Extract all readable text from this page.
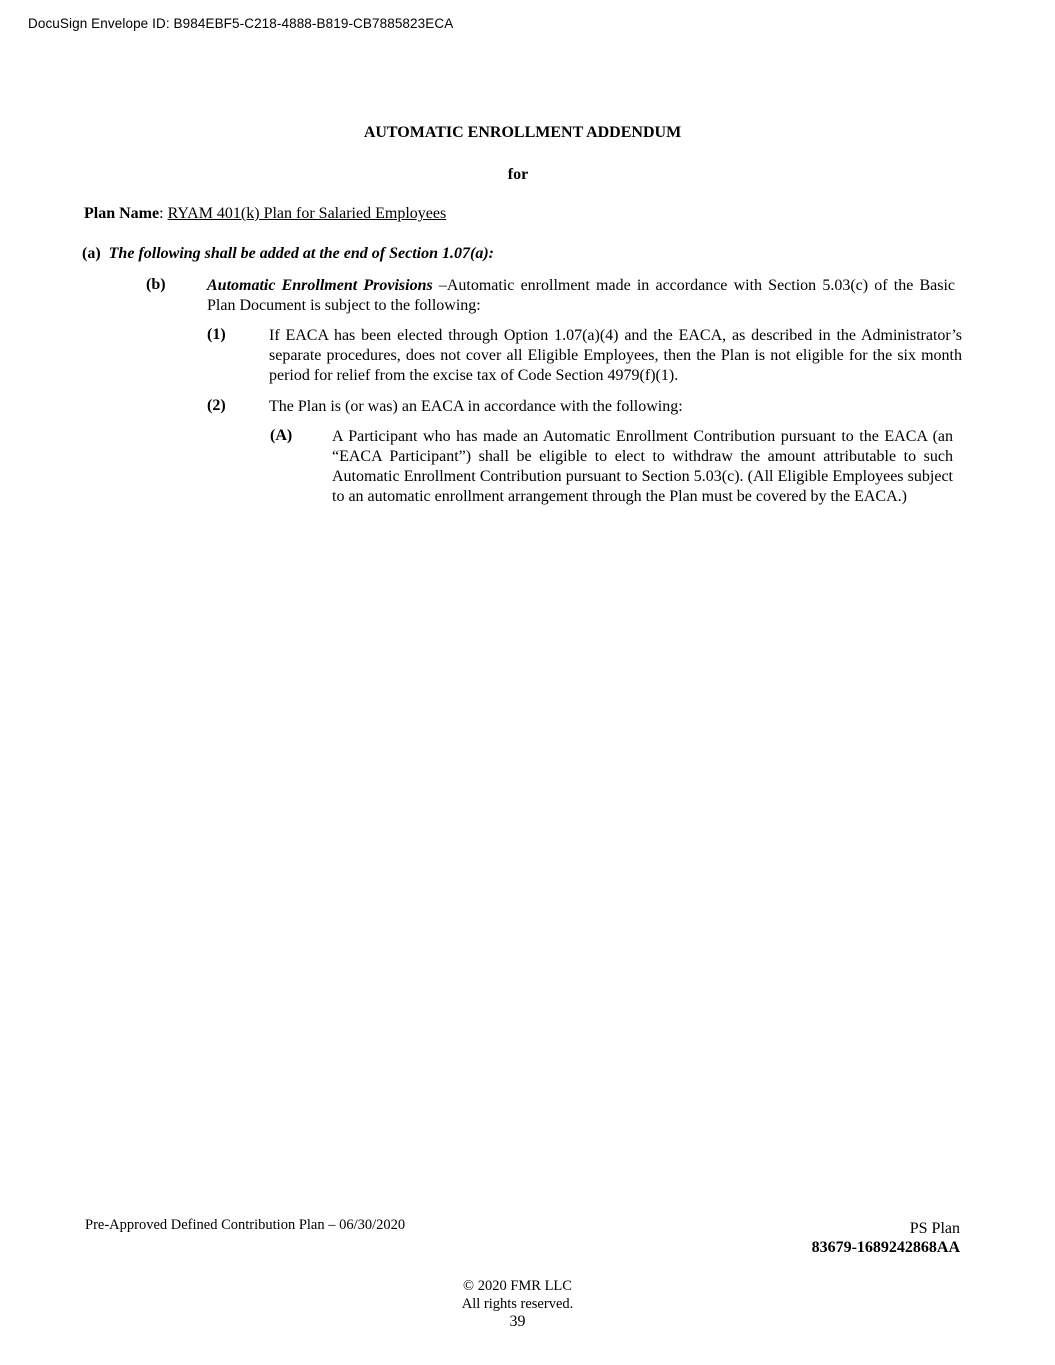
DocuSign Envelope ID: B984EBF5-C218-4888-B819-CB7885823ECA
AUTOMATIC ENROLLMENT ADDENDUM
for
Plan Name: RYAM 401(k) Plan for Salaried Employees
(a) The following shall be added at the end of Section 1.07(a):
(b)	Automatic Enrollment Provisions –Automatic enrollment made in accordance with Section 5.03(c) of the Basic Plan Document is subject to the following:
(1)	If EACA has been elected through Option 1.07(a)(4) and the EACA, as described in the Administrator’s separate procedures, does not cover all Eligible Employees, then the Plan is not eligible for the six month period for relief from the excise tax of Code Section 4979(f)(1).
(2)	The Plan is (or was) an EACA in accordance with the following:
(A) A Participant who has made an Automatic Enrollment Contribution pursuant to the EACA (an “EACA Participant”) shall be eligible to elect to withdraw the amount attributable to such Automatic Enrollment Contribution pursuant to Section 5.03(c). (All Eligible Employees subject to an automatic enrollment arrangement through the Plan must be covered by the EACA.)
Pre-Approved Defined Contribution Plan – 06/30/2020	PS Plan
83679-1689242868AA
© 2020 FMR LLC
All rights reserved.
39
